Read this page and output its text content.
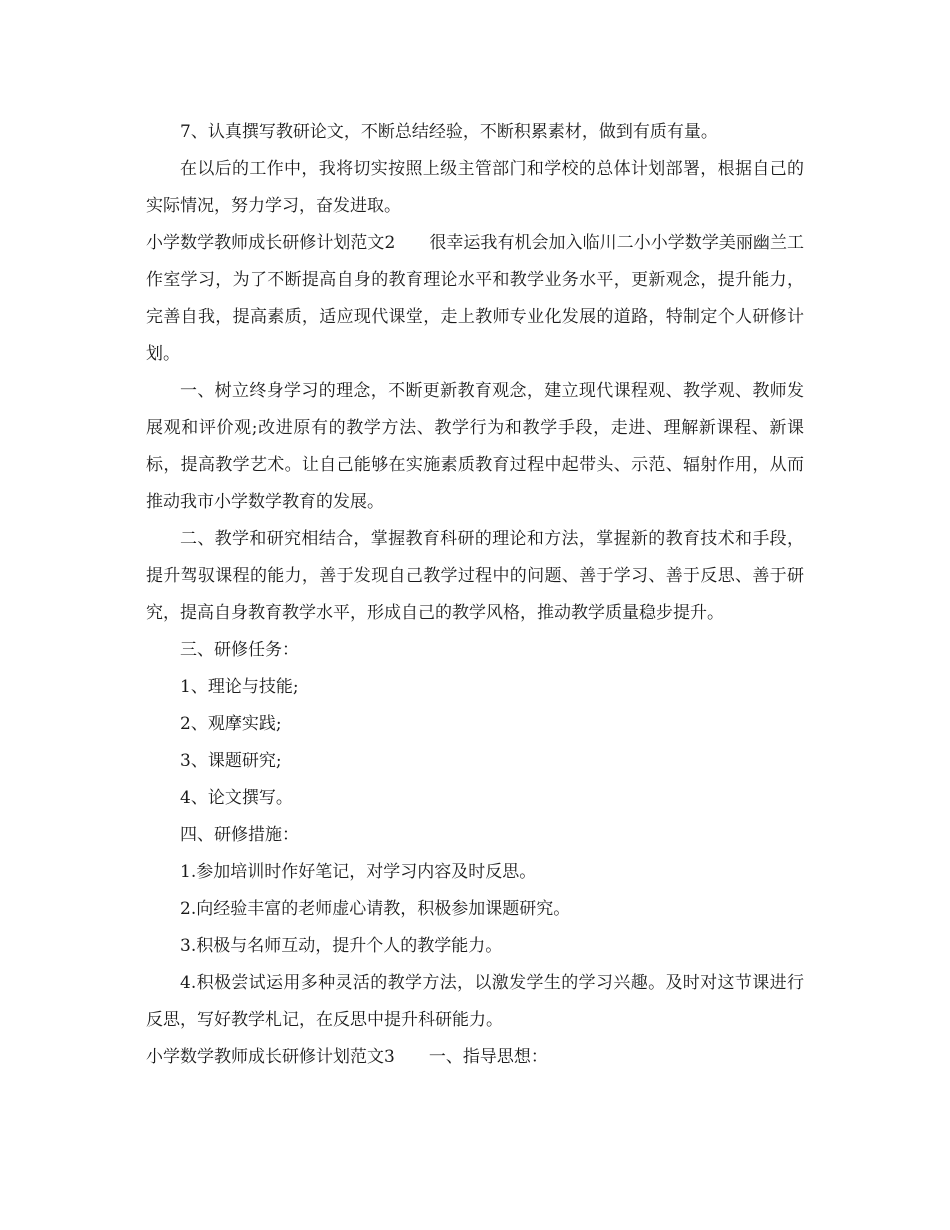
7、认真撰写教研论文，不断总结经验，不断积累素材，做到有质有量。

在以后的工作中，我将切实按照上级主管部门和学校的总体计划部署，根据自己的实际情况，努力学习，奋发进取。

小学数学教师成长研修计划范文2 很幸运我有机会加入临川二小小学数学美丽幽兰工作室学习，为了不断提高自身的教育理论水平和教学业务水平，更新观念，提升能力，完善自我，提高素质，适应现代课堂，走上教师专业化发展的道路，特制定个人研修计划。

一、树立终身学习的理念，不断更新教育观念，建立现代课程观、教学观、教师发展观和评价观;改进原有的教学方法、教学行为和教学手段，走进、理解新课程、新课标，提高教学艺术。让自己能够在实施素质教育过程中起带头、示范、辐射作用，从而推动我市小学数学教育的发展。

二、教学和研究相结合，掌握教育科研的理论和方法，掌握新的教育技术和手段，提升驾驭课程的能力，善于发现自己教学过程中的问题、善于学习、善于反思、善于研究，提高自身教育教学水平，形成自己的教学风格，推动教学质量稳步提升。

三、研修任务：

1、理论与技能;

2、观摩实践;

3、课题研究;

4、论文撰写。

四、研修措施：

1.参加培训时作好笔记，对学习内容及时反思。

2.向经验丰富的老师虚心请教，积极参加课题研究。

3.积极与名师互动，提升个人的教学能力。

4.积极尝试运用多种灵活的教学方法，以激发学生的学习兴趣。及时对这节课进行反思，写好教学札记，在反思中提升科研能力。

小学数学教师成长研修计划范文3 一、指导思想：
